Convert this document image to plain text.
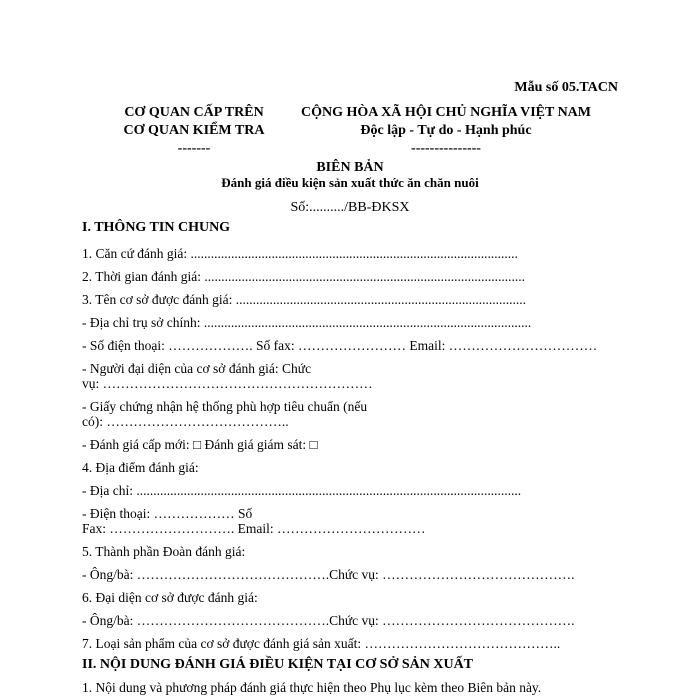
Mẫu số 05.TACN
CƠ QUAN CẤP TRÊN
CƠ QUAN KIỂM TRA
-------
CỘNG HÒA XÃ HỘI CHỦ NGHĨA VIỆT NAM
Độc lập - Tự do - Hạnh phúc
---------------
BIÊN BẢN
Đánh giá điều kiện sản xuất thức ăn chăn nuôi
Số:........../BB-ĐKSX
I. THÔNG TIN CHUNG
1. Căn cứ đánh giá: .................................................................................................
2. Thời gian đánh giá: ...............................................................................................
3. Tên cơ sở được đánh giá: ......................................................................................
- Địa chỉ trụ sở chính: .................................................................................................
- Số điện thoại: ………………. Số fax: …………………… Email: ……………………………
- Người đại diện của cơ sở đánh giá: Chức
vụ: ……………………………………………………
- Giấy chứng nhận hệ thống phù hợp tiêu chuẩn (nếu
có): …………………………………..
- Đánh giá cấp mới: □ Đánh giá giám sát: □
4. Địa điểm đánh giá:
- Địa chỉ: ..................................................................................................................
- Điện thoại: ……………… Số
Fax: ………………………. Email: ……………………………
5. Thành phần Đoàn đánh giá:
- Ông/bà: …………………………………….Chức vụ: …………………………………….
6. Đại diện cơ sở được đánh giá:
- Ông/bà: …………………………………….Chức vụ: …………………………………….
7. Loại sản phẩm của cơ sở được đánh giá sản xuất: ……………………………………..
II. NỘI DUNG ĐÁNH GIÁ ĐIỀU KIỆN TẠI CƠ SỞ SẢN XUẤT
1. Nội dung và phương pháp đánh giá thực hiện theo Phụ lục kèm theo Biên bản này.
